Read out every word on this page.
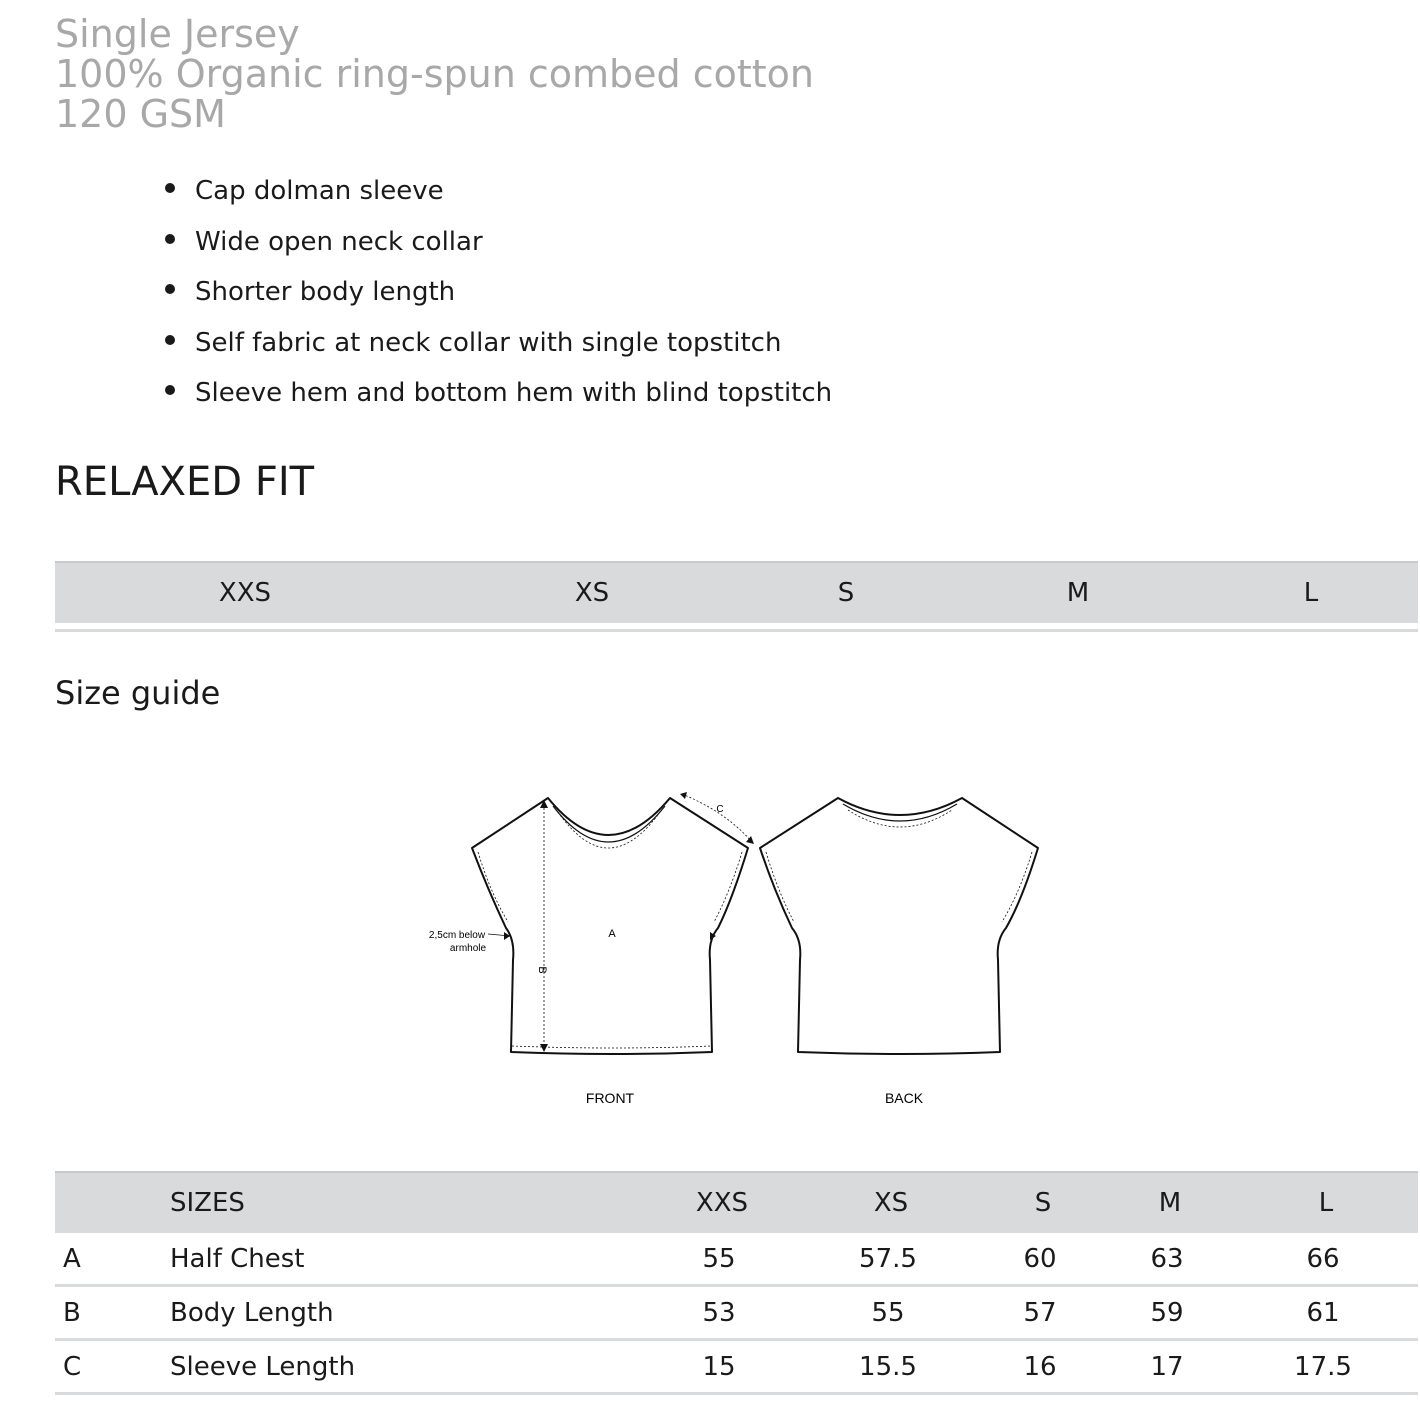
Single Jersey
100% Organic ring-spun combed cotton
120 GSM
Cap dolman sleeve
Wide open neck collar
Shorter body length
Self fabric at neck collar with single topstitch
Sleeve hem and bottom hem with blind topstitch
RELAXED FIT
XXS	XS	S	M	L
Size guide
A
B
C
2,5cm below
armhole
FRONT	BACK
SIZES	XXS	XS	S	M	L
A	Half Chest	55	57.5	60	63	66
B	Body Length	53	55	57	59	61
C	Sleeve Length	15	15.5	16	17	17.5
